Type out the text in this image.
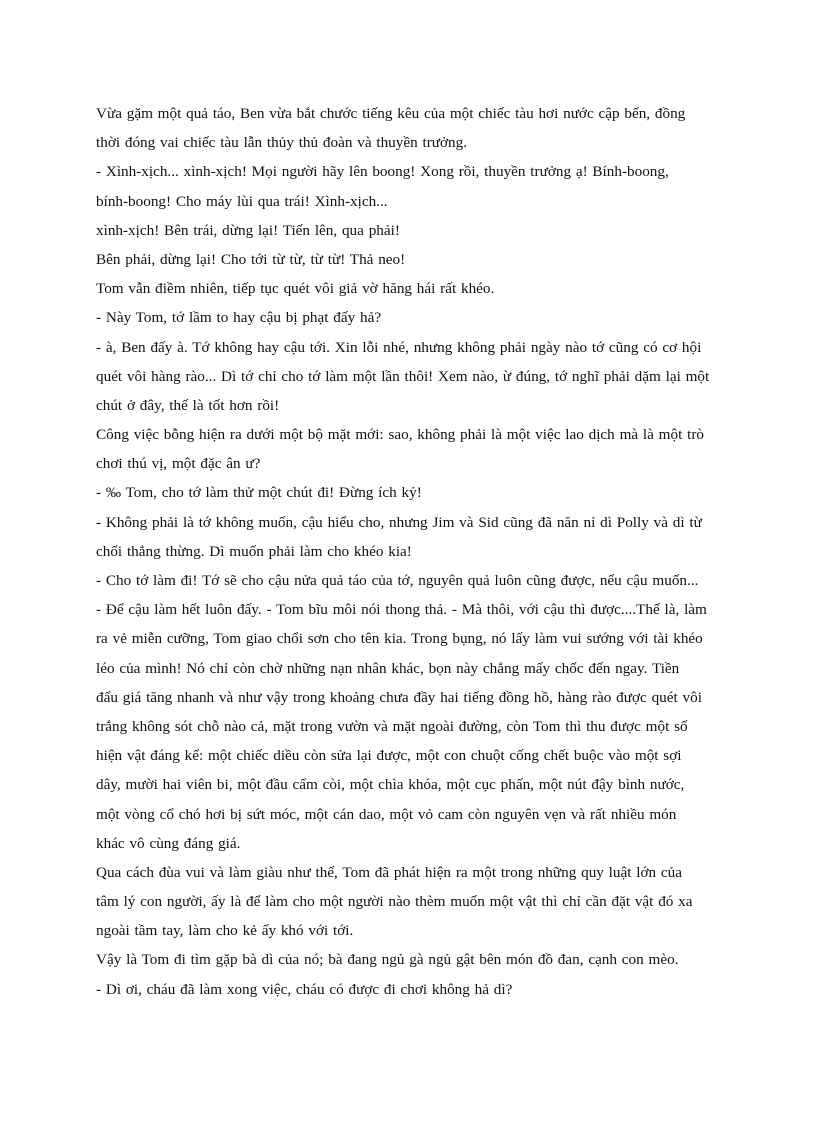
Vừa gặm một quả táo, Ben vừa bắt chước tiếng kêu của một chiếc tàu hơi nước cập bến, đồng
thời đóng vai chiếc tàu lẫn thủy thủ đoàn và thuyền trưởng.
- Xình-xịch... xình-xịch! Mọi người hãy lên boong! Xong rồi, thuyền trưởng ạ! Bính-boong,
bính-boong! Cho máy lùi qua trái! Xình-xịch...
xình-xịch! Bên trái, dừng lại! Tiến lên, qua phải!
Bên phải, dừng lại! Cho tới từ từ, từ từ! Thả neo!
Tom vẫn điềm nhiên, tiếp tục quét vôi giả vờ hăng hái rất khéo.
- Này Tom, tớ lầm to hay cậu bị phạt đấy hả?
- à, Ben đấy à. Tớ không hay cậu tới. Xin lỗi nhé, nhưng không phải ngày nào tớ cũng có cơ hội
quét vôi hàng rào... Dì tớ chỉ cho tớ làm một lần thôi! Xem nào, ừ đúng, tớ nghĩ phải dặm lại một
chút ở đây, thế là tốt hơn rồi!
Công việc bỗng hiện ra dưới một bộ mặt mới: sao, không phải là một việc lao dịch mà là một trò
chơi thú vị, một đặc ân ư?
- ‰ Tom, cho tớ làm thử một chút đi! Đừng ích kỷ!
- Không phải là tớ không muốn, cậu hiểu cho, nhưng Jim và Sid cũng đã năn nỉ dì Polly và dì từ
chối thẳng thừng. Dì muốn phải làm cho khéo kia!
- Cho tớ làm đi! Tớ sẽ cho cậu nửa quả táo của tớ, nguyên quả luôn cũng được, nếu cậu muốn...
- Để cậu làm hết luôn đấy. - Tom bĩu môi nói thong thả. - Mà thôi, với cậu thì được....Thế là, làm
ra vẻ miễn cưỡng, Tom giao chổi sơn cho tên kia. Trong bụng, nó lấy làm vui sướng với tài khéo
léo của mình! Nó chỉ còn chờ những nạn nhân khác, bọn này chẳng mấy chốc đến ngay. Tiền
đấu giá tăng nhanh và như vậy trong khoảng chưa đầy hai tiếng đồng hồ, hàng rào được quét vôi
trắng không sót chỗ nào cả, mặt trong vườn và mặt ngoài đường, còn Tom thì thu được một số
hiện vật đáng kể: một chiếc diều còn sửa lại được, một con chuột cống chết buộc vào một sợi
dây, mười hai viên bi, một đầu cấm còi, một chìa khóa, một cục phấn, một nút đậy bình nước,
một vòng cổ chó hơi bị sứt móc, một cán dao, một vỏ cam còn nguyên vẹn và rất nhiều món
khác vô cùng đáng giá.
Qua cách đùa vui và làm giàu như thế, Tom đã phát hiện ra một trong những quy luật lớn của
tâm lý con người, ấy là để làm cho một người nào thèm muốn một vật thì chỉ cần đặt vật đó xa
ngoài tầm tay, làm cho kẻ ấy khó với tới.
Vậy là Tom đi tìm gặp bà dì của nó; bà đang ngủ gà ngủ gật bên món đồ đan, cạnh con mèo.
- Dì ơi, cháu đã làm xong việc, cháu có được đi chơi không hả dì?
